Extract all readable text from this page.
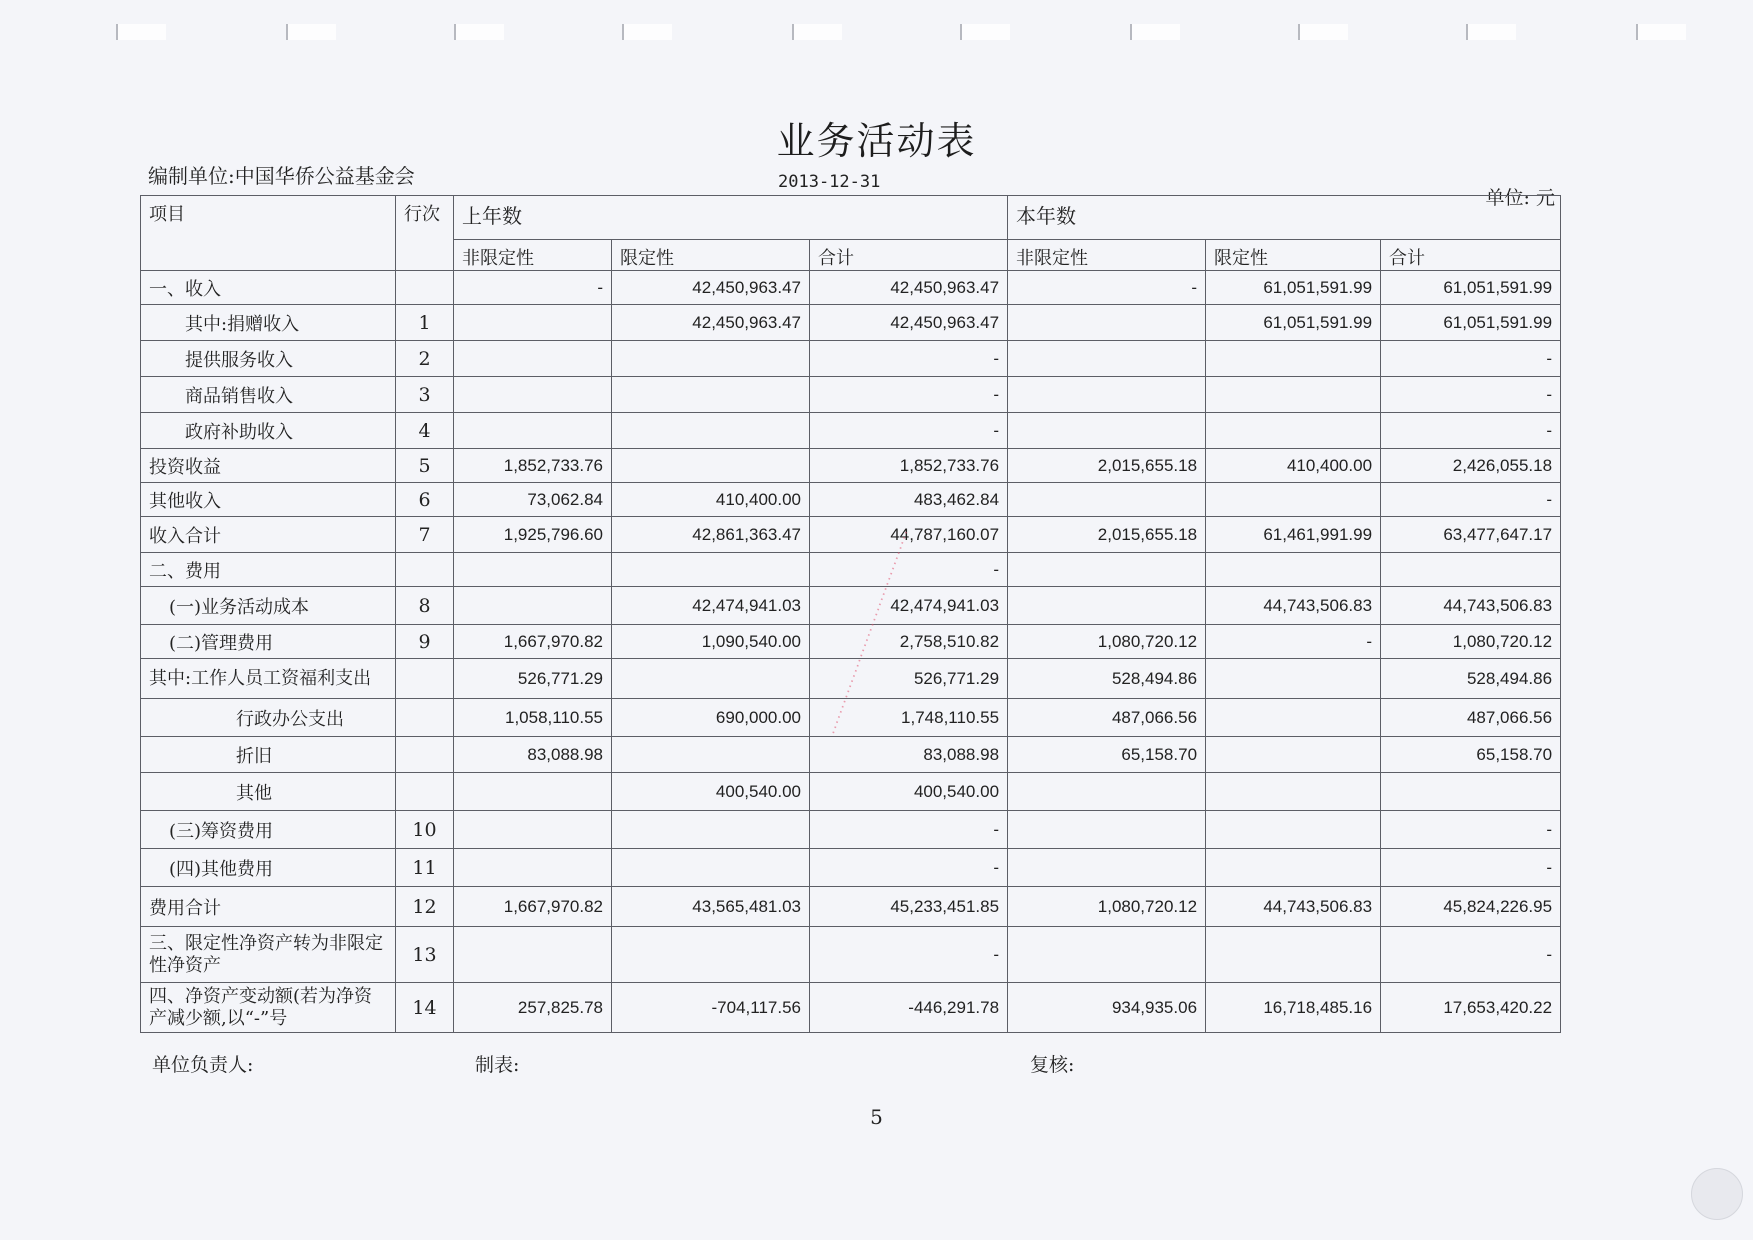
业务活动表
编制单位:中国华侨公益基金会	2013-12-31
单位: 元
项目	行次	上年数			本年数		
		非限定性	限定性	合计	非限定性	限定性	合计
一、收入		-	42,450,963.47	42,450,963.47	-	61,051,591.99	61,051,591.99
其中:捐赠收入	1		42,450,963.47	42,450,963.47		61,051,591.99	61,051,591.99
提供服务收入	2			-			-
商品销售收入	3			-			-
政府补助收入	4			-			-
投资收益	5	1,852,733.76		1,852,733.76	2,015,655.18	410,400.00	2,426,055.18
其他收入	6	73,062.84	410,400.00	483,462.84			-
收入合计	7	1,925,796.60	42,861,363.47	44,787,160.07	2,015,655.18	61,461,991.99	63,477,647.17
二、费用				-			
(一)业务活动成本	8		42,474,941.03	42,474,941.03		44,743,506.83	44,743,506.83
(二)管理费用	9	1,667,970.82	1,090,540.00	2,758,510.82	1,080,720.12	-	1,080,720.12
其中:工作人员工资福利支出		526,771.29		526,771.29	528,494.86		528,494.86
行政办公支出		1,058,110.55	690,000.00	1,748,110.55	487,066.56		487,066.56
折旧		83,088.98		83,088.98	65,158.70		65,158.70
其他			400,540.00	400,540.00			
(三)筹资费用	10			-			-
(四)其他费用	11			-			-
费用合计	12	1,667,970.82	43,565,481.03	45,233,451.85	1,080,720.12	44,743,506.83	45,824,226.95
三、限定性净资产转为非限定性净资产	13			-			-
四、净资产变动额(若为净资产减少额,以“-”号	14	257,825.78	-704,117.56	-446,291.78	934,935.06	16,718,485.16	17,653,420.22
········································
单位负责人:	制表:	复核:
5
